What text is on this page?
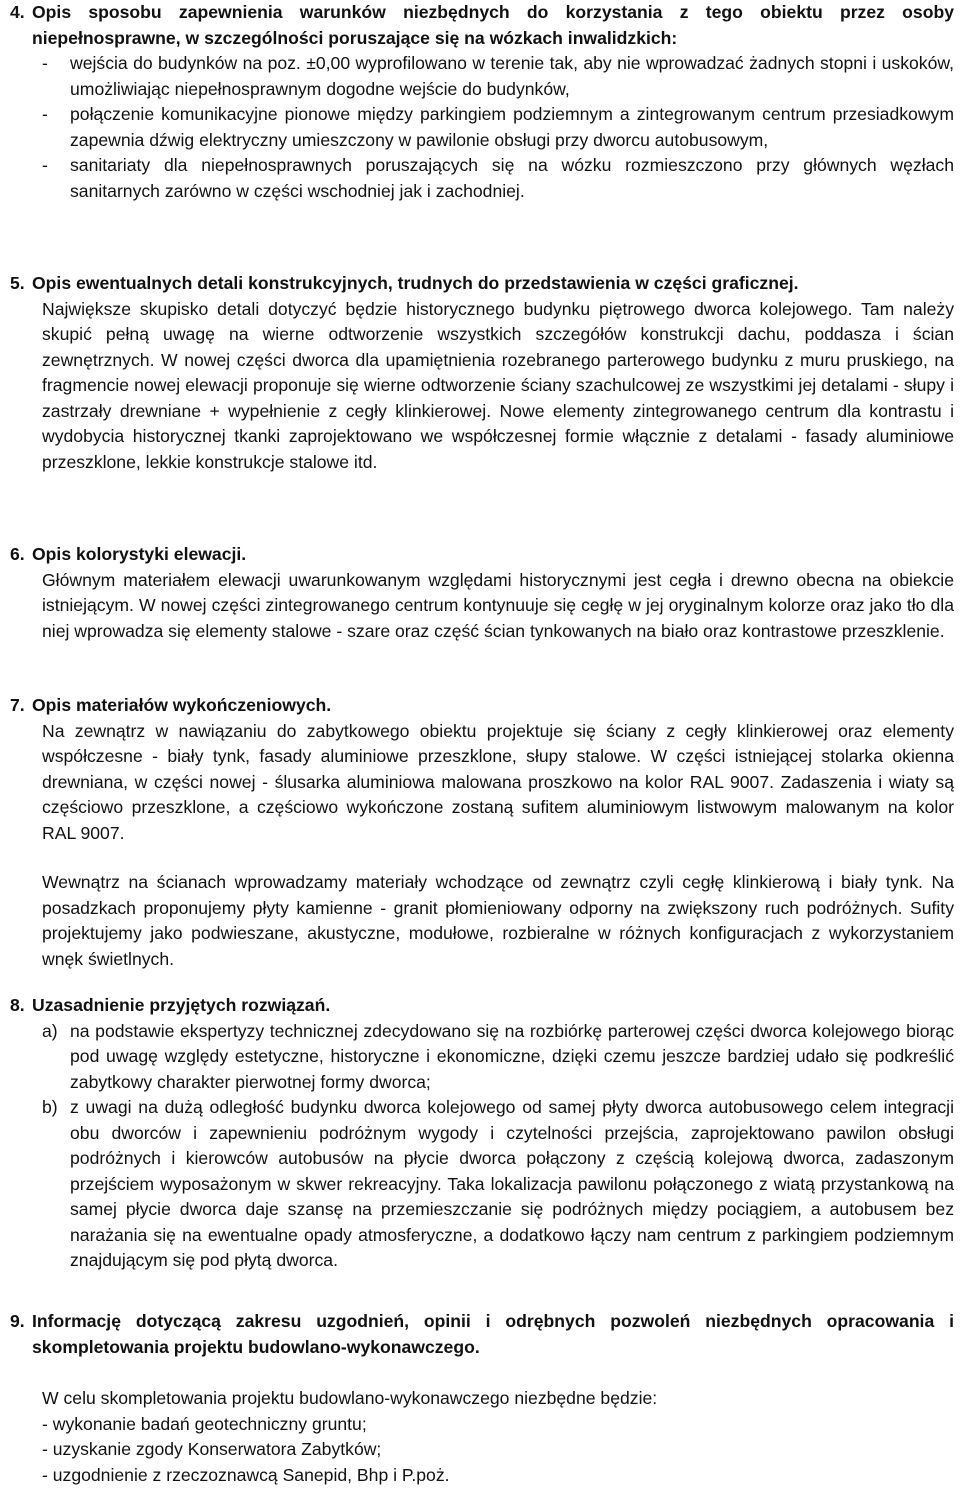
4. Opis sposobu zapewnienia warunków niezbędnych do korzystania z tego obiektu przez osoby niepełnosprawne, w szczególności poruszające się na wózkach inwalidzkich:
- wejścia do budynków na poz. ±0,00 wyprofilowano w terenie tak, aby nie wprowadzać żadnych stopni i uskoków, umożliwiając niepełnosprawnym dogodne wejście do budynków,
- połączenie komunikacyjne pionowe między parkingiem podziemnym a zintegrowanym centrum przesiadkowym zapewnia dźwig elektryczny umieszczony w pawilonie obsługi przy dworcu autobusowym,
- sanitariaty dla niepełnosprawnych poruszających się na wózku rozmieszczono przy głównych węzłach sanitarnych zarówno w części wschodniej jak i zachodniej.
5. Opis ewentualnych detali konstrukcyjnych, trudnych do przedstawienia w części graficznej.
Największe skupisko detali dotyczyć będzie historycznego budynku piętrowego dworca kolejowego. Tam należy skupić pełną uwagę na wierne odtworzenie wszystkich szczegółów konstrukcji dachu, poddasza i ścian zewnętrznych. W nowej części dworca dla upamiętnienia rozebranego parterowego budynku z muru pruskiego, na fragmencie nowej elewacji proponuje się wierne odtworzenie ściany szachulcowej ze wszystkimi jej detalami - słupy i zastrzały drewniane + wypełnienie z cegły klinkierowej. Nowe elementy zintegrowanego centrum dla kontrastu i wydobycia historycznej tkanki zaprojektowano we współczesnej formie włącznie z detalami - fasady aluminiowe przeszklone, lekkie konstrukcje stalowe itd.
6. Opis kolorystyki elewacji.
Głównym materiałem elewacji uwarunkowanym względami historycznymi jest cegła i drewno obecna na obiekcie istniejącym. W nowej części zintegrowanego centrum kontynuuje się cegłę w jej oryginalnym kolorze oraz jako tło dla niej wprowadza się elementy stalowe - szare oraz część ścian tynkowanych na biało oraz kontrastowe przeszklenie.
7. Opis materiałów wykończeniowych.
Na zewnątrz w nawiązaniu do zabytkowego obiektu projektuje się ściany z cegły klinkierowej oraz elementy współczesne - biały tynk, fasady aluminiowe przeszklone, słupy stalowe. W części istniejącej stolarka okienna drewniana, w części nowej - ślusarka aluminiowa malowana proszkowo na kolor RAL 9007. Zadaszenia i wiaty są częściowo przeszklone, a częściowo wykończone zostaną sufitem aluminiowym listwowym malowanym na kolor RAL 9007.
Wewnątrz na ścianach wprowadzamy materiały wchodzące od zewnątrz czyli cegłę klinkierową i biały tynk. Na posadzkach proponujemy płyty kamienne - granit płomieniowany odporny na zwiększony ruch podróżnych. Sufity projektujemy jako podwieszane, akustyczne, modułowe, rozbieralne w różnych konfiguracjach z wykorzystaniem wnęk świetlnych.
8. Uzasadnienie przyjętych rozwiązań.
a) na podstawie ekspertyzy technicznej zdecydowano się na rozbiórkę parterowej części dworca kolejowego biorąc pod uwagę względy estetyczne, historyczne i ekonomiczne, dzięki czemu jeszcze bardziej udało się podkreślić zabytkowy charakter pierwotnej formy dworca;
b) z uwagi na dużą odległość budynku dworca kolejowego od samej płyty dworca autobusowego celem integracji obu dworców i zapewnieniu podróżnym wygody i czytelności przejścia, zaprojektowano pawilon obsługi podróżnych i kierowców autobusów na płycie dworca połączony z częścią kolejową dworca, zadaszonym przejściem wyposażonym w skwer rekreacyjny. Taka lokalizacja pawilonu połączonego z wiatą przystankową na samej płycie dworca daje szansę na przemieszczanie się podróżnych między pociągiem, a autobusem bez narażania się na ewentualne opady atmosferyczne, a dodatkowo łączy nam centrum z parkingiem podziemnym znajdującym się pod płytą dworca.
9. Informację dotyczącą zakresu uzgodnień, opinii i odrębnych pozwoleń niezbędnych opracowania i skompletowania projektu budowlano-wykonawczego.
W celu skompletowania projektu budowlano-wykonawczego niezbędne będzie:
- wykonanie badań geotechniczny gruntu;
- uzyskanie zgody Konserwatora Zabytków;
- uzgodnienie z rzeczoznawcą Sanepid, Bhp i P.poż.
